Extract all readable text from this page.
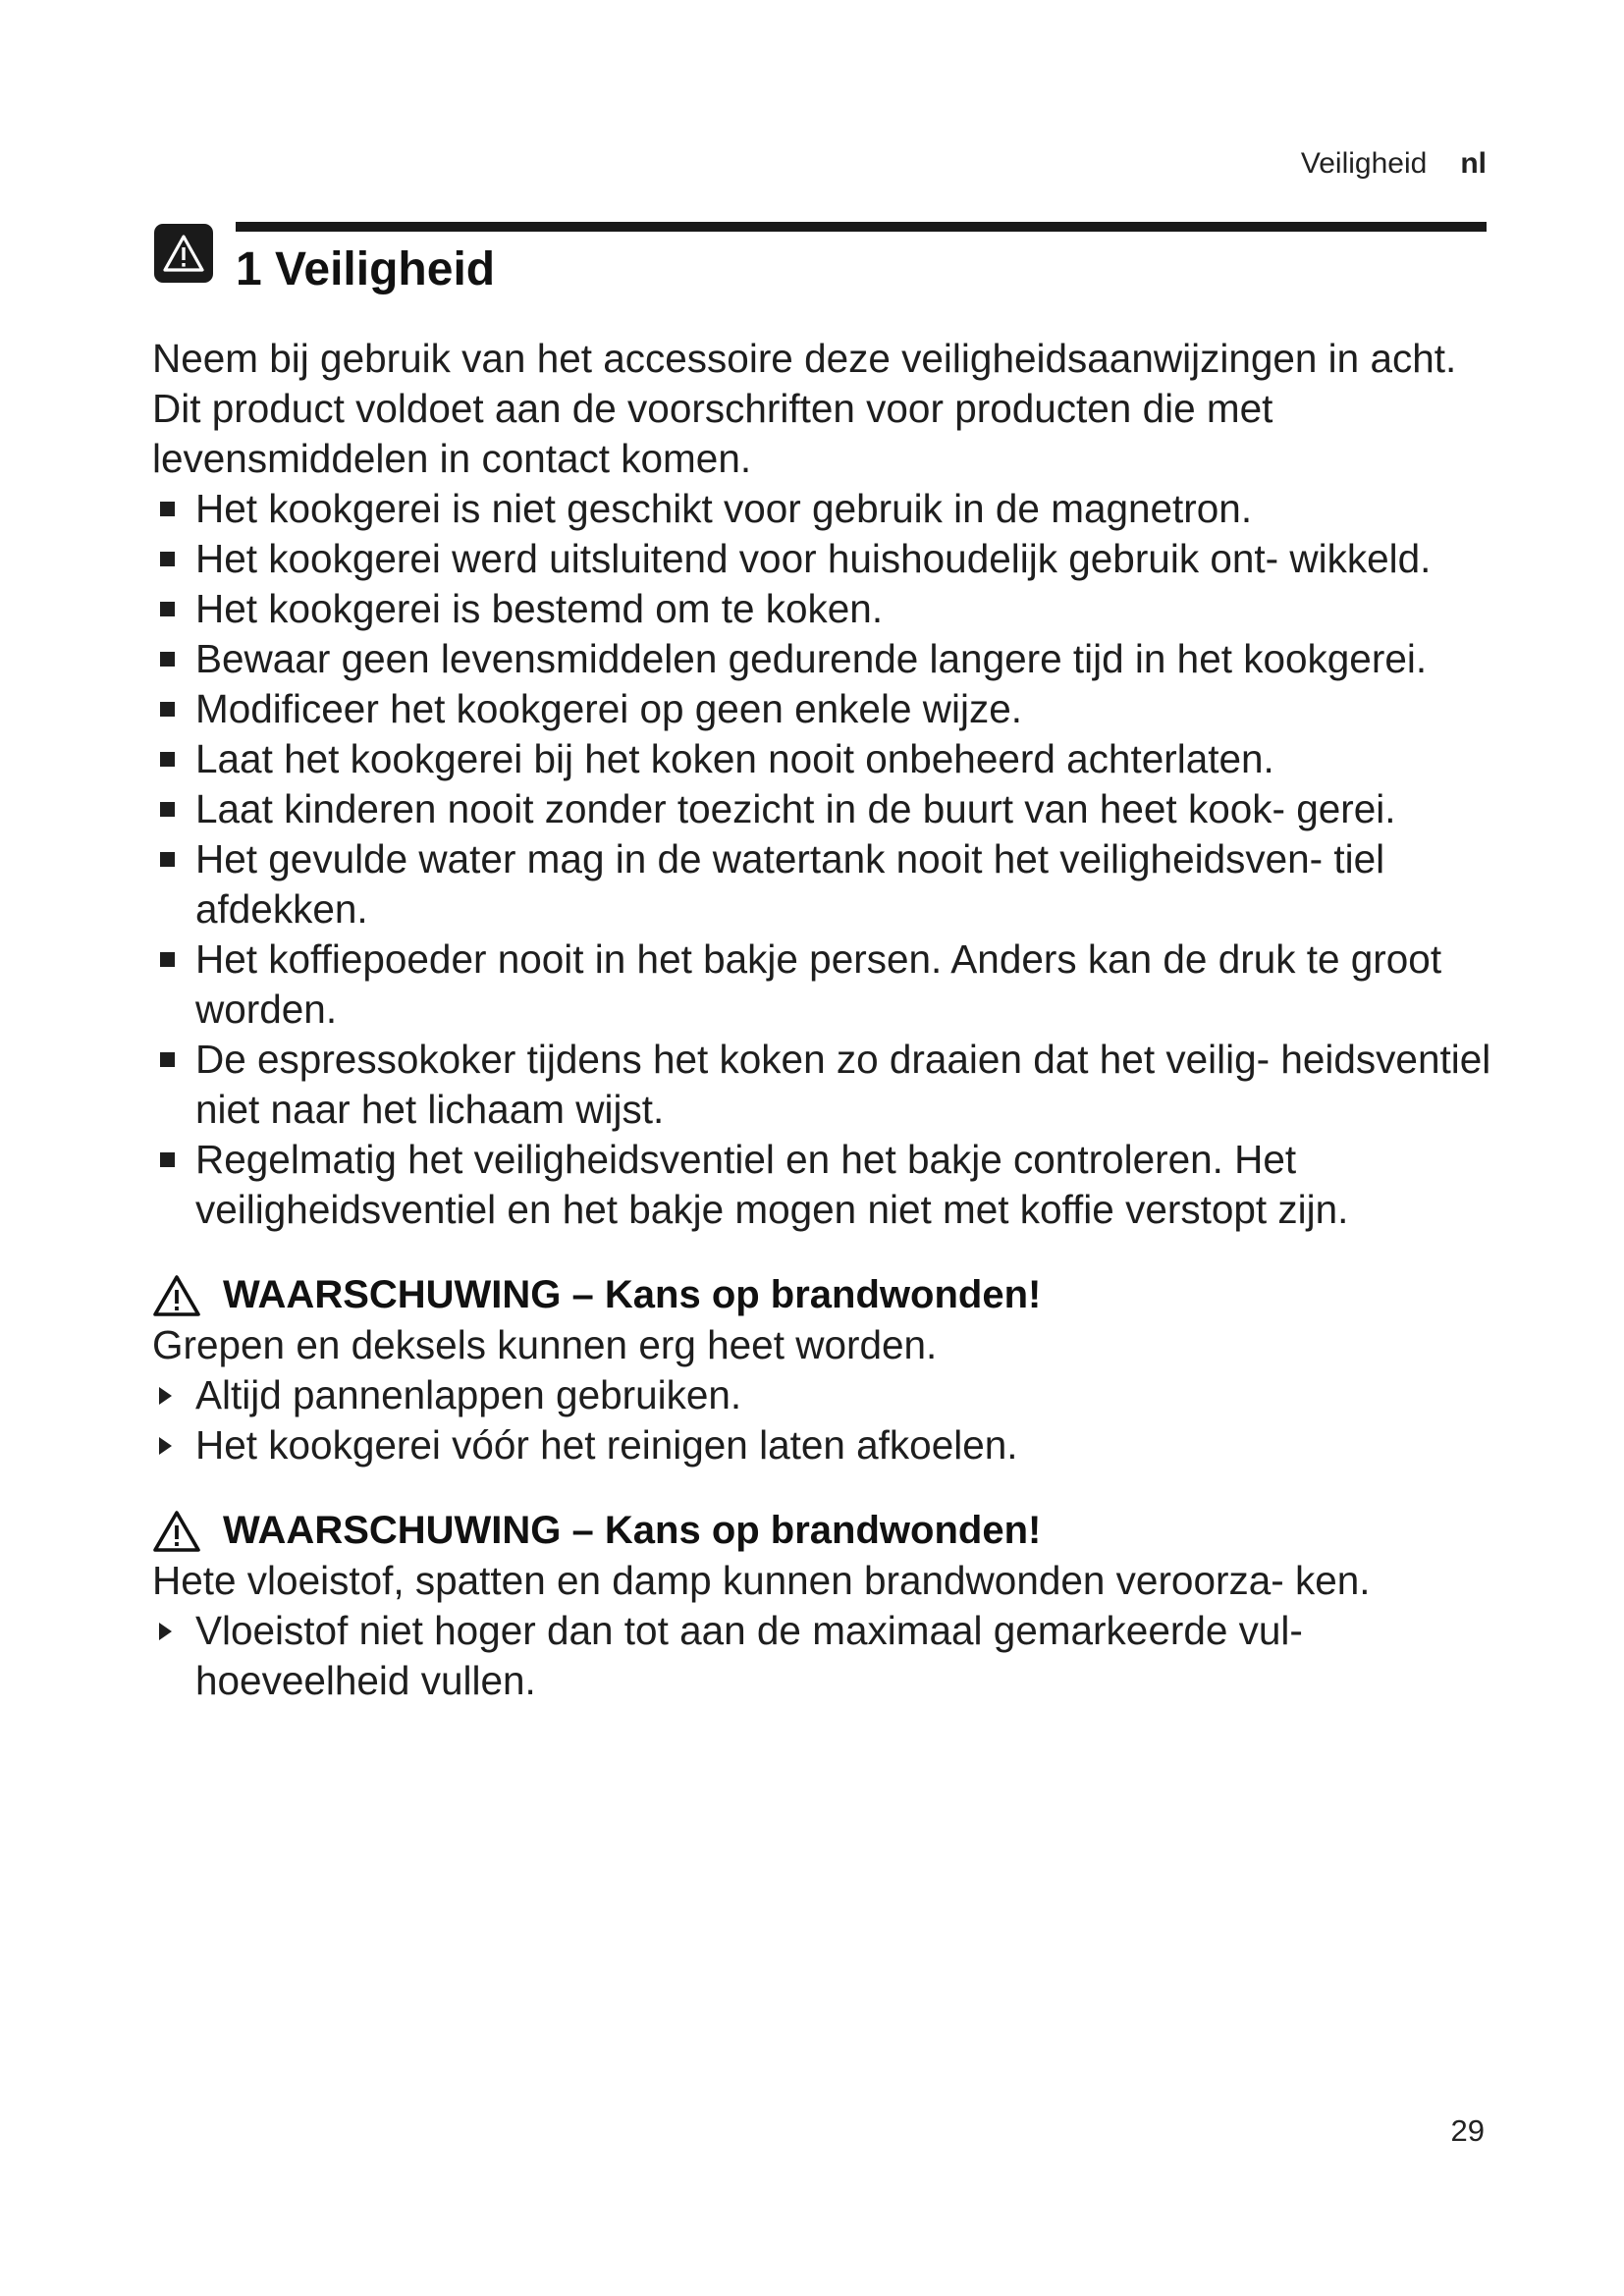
Veiligheid nl
1 Veiligheid

Neem bij gebruik van het accessoire deze veiligheidsaanwijzingen in acht.

Dit product voldoet aan de voorschriften voor producten die met levensmiddelen in contact komen.

Het kookgerei is niet geschikt voor gebruik in de magnetron.
Het kookgerei werd uitsluitend voor huishoudelijk gebruik ont- wikkeld.
Het kookgerei is bestemd om te koken.
Bewaar geen levensmiddelen gedurende langere tijd in het kookgerei.
Modificeer het kookgerei op geen enkele wijze.
Laat het kookgerei bij het koken nooit onbeheerd achterlaten.
Laat kinderen nooit zonder toezicht in de buurt van heet kook- gerei.
Het gevulde water mag in de watertank nooit het veiligheidsven- tiel afdekken.
Het koffiepoeder nooit in het bakje persen. Anders kan de druk te groot worden.
De espressokoker tijdens het koken zo draaien dat het veilig- heidsventiel niet naar het lichaam wijst.
Regelmatig het veiligheidsventiel en het bakje controleren. Het veiligheidsventiel en het bakje mogen niet met koffie verstopt zijn.
WAARSCHUWING – Kans op brandwonden!

Grepen en deksels kunnen erg heet worden.

Altijd pannenlappen gebruiken.
Het kookgerei vóór het reinigen laten afkoelen.
WAARSCHUWING – Kans op brandwonden!

Hete vloeistof, spatten en damp kunnen brandwonden veroorza- ken.

Vloeistof niet hoger dan tot aan de maximaal gemarkeerde vul- hoeveelheid vullen.
29
